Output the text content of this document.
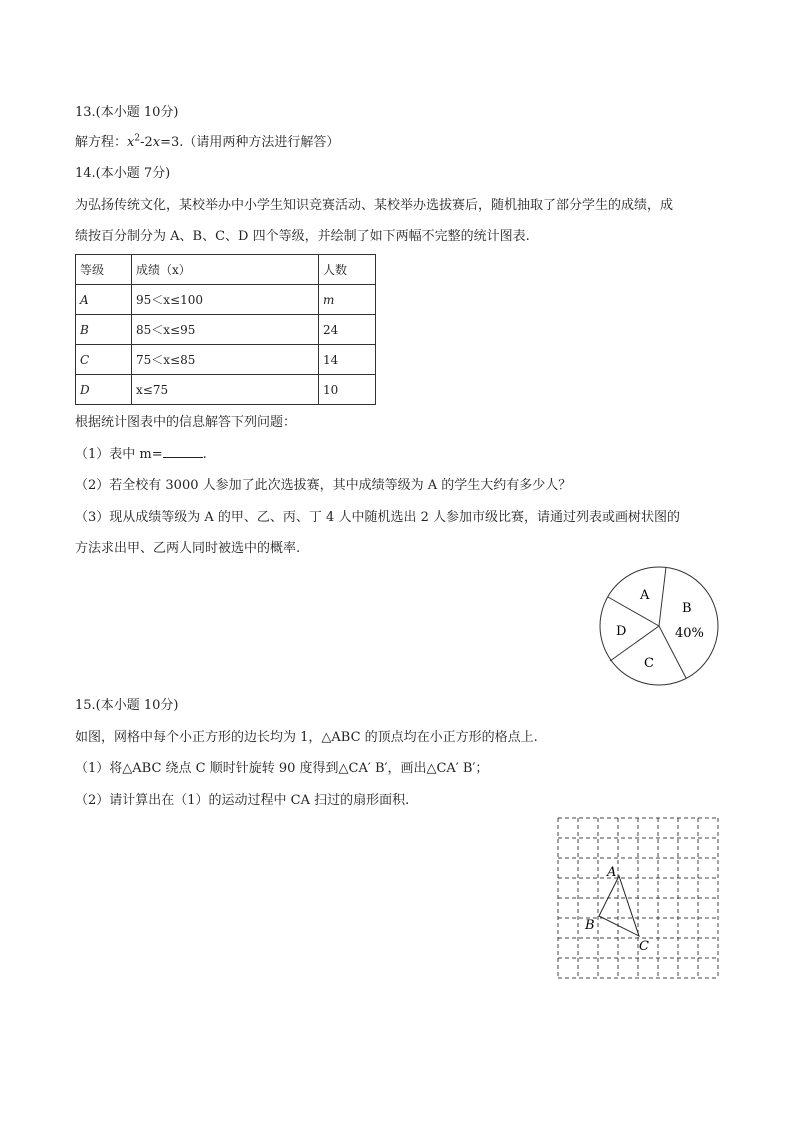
13.(本小题 10分)
解方程：$x^2-2x=3$.（请用两种方法进行解答）
14.(本小题 7分)
为弘扬传统文化，某校举办中小学生知识竞赛活动、某校举办选拔赛后，随机抽取了部分学生的成绩，成
绩按百分制分为 A、B、C、D 四个等级，并绘制了如下两幅不完整的统计图表.
等级	成绩（x）	人数
A	95＜x≤100	m
B	85＜x≤95	24
C	75＜x≤85	14
D	x≤75	10
根据统计图表中的信息解答下列问题：
（1）表中 m=	.
（2）若全校有 3000 人参加了此次选拔赛，其中成绩等级为 A 的学生大约有多少人？
（3）现从成绩等级为 A 的甲、乙、丙、丁 4 人中随机选出 2 人参加市级比赛，请通过列表或画树状图的
方法求出甲、乙两人同时被选中的概率.
A
B
40%
C
D
15.(本小题 10分)
如图，网格中每个小正方形的边长均为 1，△ABC 的顶点均在小正方形的格点上.
（1）将△ABC 绕点 C 顺时针旋转 90 度得到△CA′ B′，画出△CA′ B′；
（2）请计算出在（1）的运动过程中 CA 扫过的扇形面积.
A
B
C
